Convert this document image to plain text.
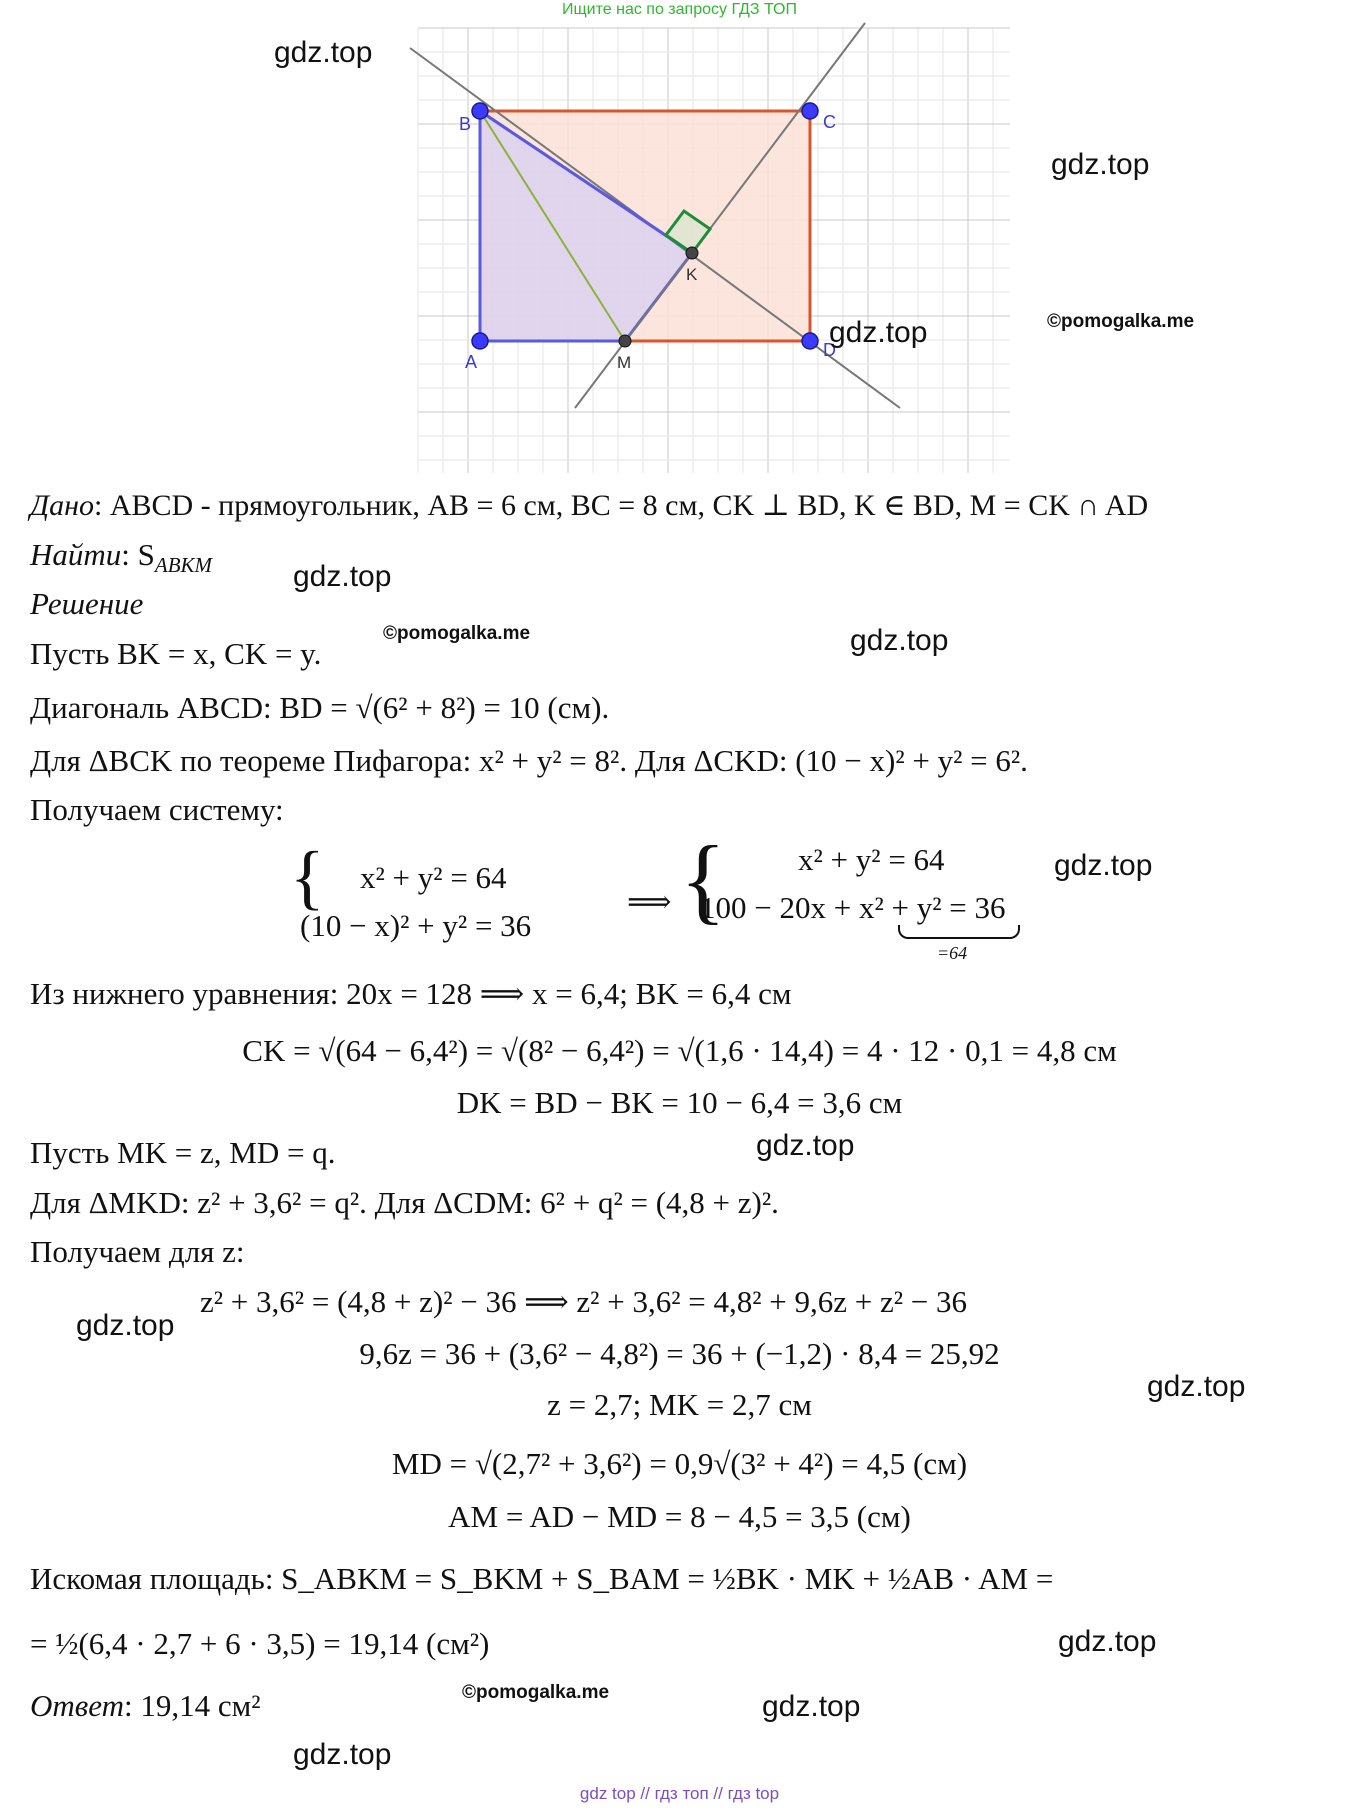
Ищите нас по запросу ГДЗ ТОП
gdz top // гдз топ // гдз top
B	C
A
D
K
M
gdz.top
gdz.top
gdz.top	©pomogalka.me
gdz.top
©pomogalka.me	gdz.top
gdz.top
gdz.top
gdz.top
gdz.top
gdz.top
©pomogalka.me	gdz.top
gdz.top
Дано: ABCD - прямоугольник, AB = 6 см, BC = 8 см, CK ⊥ BD, K ∈ BD, M = CK ∩ AD
Найти: $S_{ABKM}$
Решение
Пусть BK = x, CK = y.
Диагональ ABCD: BD = √(6² + 8²) = 10 (см).
Для ΔBCK по теореме Пифагора: x² + y² = 8². Для ΔCKD: (10 − x)² + y² = 6².
Получаем систему:
{ x² + y² = 64
(10 − x)² + y² = 36
⟹ { x² + y² = 64
100 − 20x + x² + y² = 36
=64
Из нижнего уравнения: 20x = 128 ⟹ x = 6,4; BK = 6,4 см
CK = √(64 − 6,4²) = √(8² − 6,4²) = √(1,6 · 14,4) = 4 · 12 · 0,1 = 4,8 см
DK = BD − BK = 10 − 6,4 = 3,6 см
Пусть MK = z, MD = q.
Для ΔMKD: z² + 3,6² = q². Для ΔCDM: 6² + q² = (4,8 + z)².
Получаем для z:
z² + 3,6² = (4,8 + z)² − 36 ⟹ z² + 3,6² = 4,8² + 9,6z + z² − 36
9,6z = 36 + (3,6² − 4,8²) = 36 + (−1,2) · 8,4 = 25,92
z = 2,7; MK = 2,7 см
MD = √(2,7² + 3,6²) = 0,9√(3² + 4²) = 4,5 (см)
AM = AD − MD = 8 − 4,5 = 3,5 (см)
Искомая площадь: S_ABKM = S_BKM + S_BAM = ½BK · MK + ½AB · AM =
= ½(6,4 · 2,7 + 6 · 3,5) = 19,14 (см²)
Ответ: 19,14 см²
